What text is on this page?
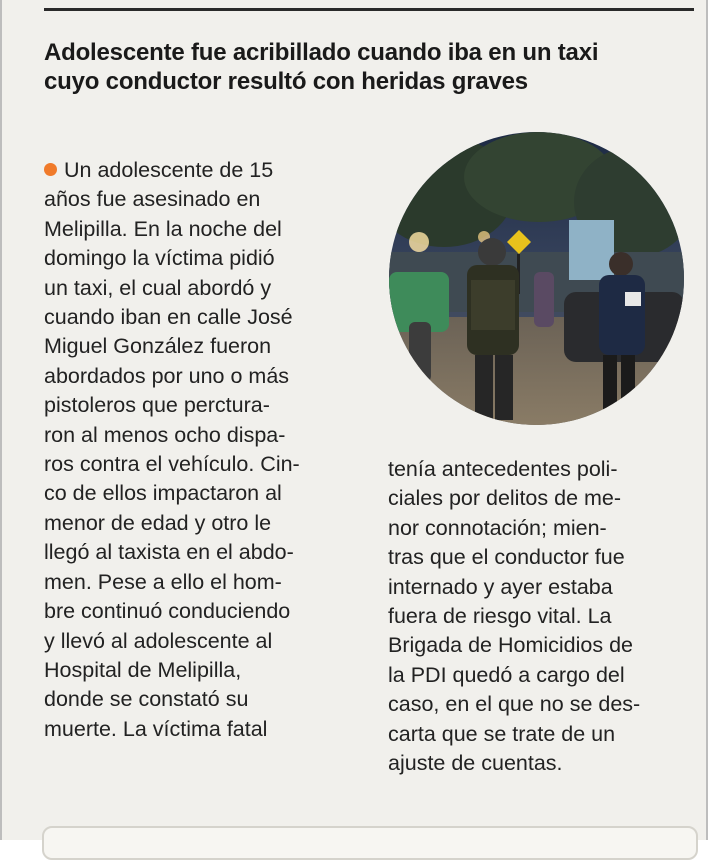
Adolescente fue acribillado cuando iba en un taxi
cuyo conductor resultó con heridas graves
Un adolescente de 15
años fue asesinado en
Melipilla. En la noche del
domingo la víctima pidió
un taxi, el cual abordó y
cuando iban en calle José
Miguel González fueron
abordados por uno o más
pistoleros que perctura-
ron al menos ocho dispa-
ros contra el vehículo. Cin-
co de ellos impactaron al
menor de edad y otro le
llegó al taxista en el abdo-
men. Pese a ello el hom-
bre continuó conduciendo
y llevó al adolescente al
Hospital de Melipilla,
donde se constató su
muerte. La víctima fatal
tenía antecedentes poli-
ciales por delitos de me-
nor connotación; mien-
tras que el conductor fue
internado y ayer estaba
fuera de riesgo vital. La
Brigada de Homicidios de
la PDI quedó a cargo del
caso, en el que no se des-
carta que se trate de un
ajuste de cuentas.
